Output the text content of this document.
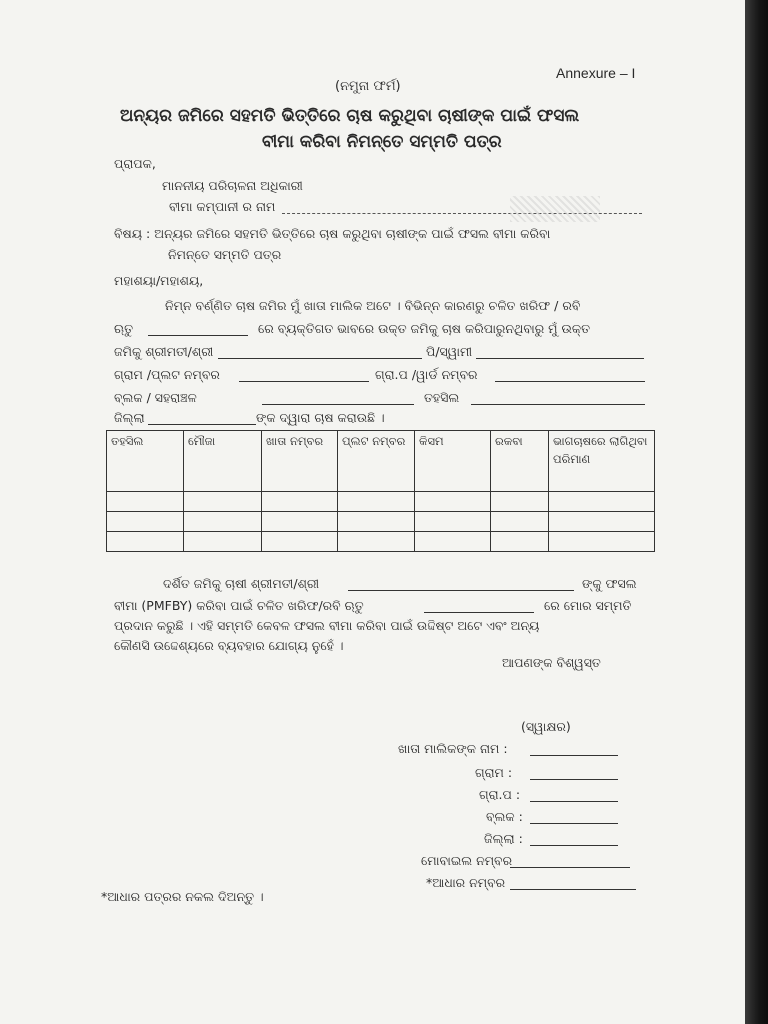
Annexure – I
(ନମୁନା ଫର୍ମ)
ଅନ୍ୟର ଜମିରେ ସହମତି ଭିତ୍ତିରେ ଚାଷ କରୁଥିବା ଚାଷୀଙ୍କ ପାଇଁ ଫସଲ
ବୀମା କରିବା ନିମନ୍ତେ ସମ୍ମତି ପତ୍ର
ପ୍ରାପକ,
ମାନନୀୟ ପରିଚାଳନା ଅଧିକାରୀ
ବୀମା କମ୍ପାନୀ ର ନାମ
ବିଷୟ : ଅନ୍ୟର ଜମିରେ ସହମତି ଭିତ୍ତିରେ ଚାଷ କରୁଥିବା ଚାଷୀଙ୍କ ପାଇଁ ଫସଲ ବୀମା କରିବା
ନିମନ୍ତେ ସମ୍ମତି ପତ୍ର
ମହାଶୟା/ମହାଶୟ,
ନିମ୍ନ ବର୍ଣ୍ଣିତ ଚାଷ ଜମିର ମୁଁ ଖାତା ମାଲିକ ଅଟେ । ବିଭିନ୍ନ କାରଣରୁ ଚଳିତ ଖରିଫ / ରବି
ଋତୁ	ରେ ବ୍ୟକ୍ତିଗତ ଭାବରେ ଉକ୍ତ ଜମିକୁ ଚାଷ କରିପାରୁନଥିବାରୁ ମୁଁ ଉକ୍ତ
ଜମିକୁ ଶ୍ରୀମତୀ/ଶ୍ରୀ	ପି/ସ୍ୱାମୀ
ଗ୍ରାମ /ପ୍ଲଟ ନମ୍ବର	ଗ୍ରା.ପ /ୱାର୍ଡ ନମ୍ବର
ବ୍ଲକ / ସହରାଞ୍ଚଳ	ତହସିଲ
ଜିଲ୍ଲା	ଙ୍କ ଦ୍ୱାରା ଚାଷ କରାଉଛି ।
ତହସିଲ	ମୌଜା	ଖାତା ନମ୍ବର	ପ୍ଲଟ ନମ୍ବର	କିସମ	ରକବା	ଭାଗଚାଷରେ ଲାଗିଥିବା ପରିମାଣ

ଦର୍ଶିତ ଜମିକୁ ଚାଷୀ ଶ୍ରୀମତୀ/ଶ୍ରୀ	ଙ୍କୁ ଫସଲ
ବୀମା (PMFBY) କରିବା ପାଇଁ ଚଳିତ ଖରିଫ/ରବି ଋତୁ	ରେ ମୋର ସମ୍ମତି
ପ୍ରଦାନ କରୁଛି । ଏହି ସମ୍ମତି କେବଳ ଫସଲ ବୀମା କରିବା ପାଇଁ ଉଦ୍ଦିଷ୍ଟ ଅଟେ ଏବଂ ଅନ୍ୟ
କୌଣସି ଉଦ୍ଦେଶ୍ୟରେ ବ୍ୟବହାର ଯୋଗ୍ୟ ନୁହେଁ ।
ଆପଣଙ୍କ ବିଶ୍ୱସ୍ତ
(ସ୍ୱାକ୍ଷର)
ଖାତା ମାଲିକଙ୍କ ନାମ :
ଗ୍ରାମ :
ଗ୍ରା.ପ :
ବ୍ଲକ :
ଜିଲ୍ଲା :
ମୋବାଇଲ ନମ୍ବର
*ଆଧାର ନମ୍ବର
*ଆଧାର ପତ୍ରର ନକଲ ଦିଅନ୍ତୁ ।
